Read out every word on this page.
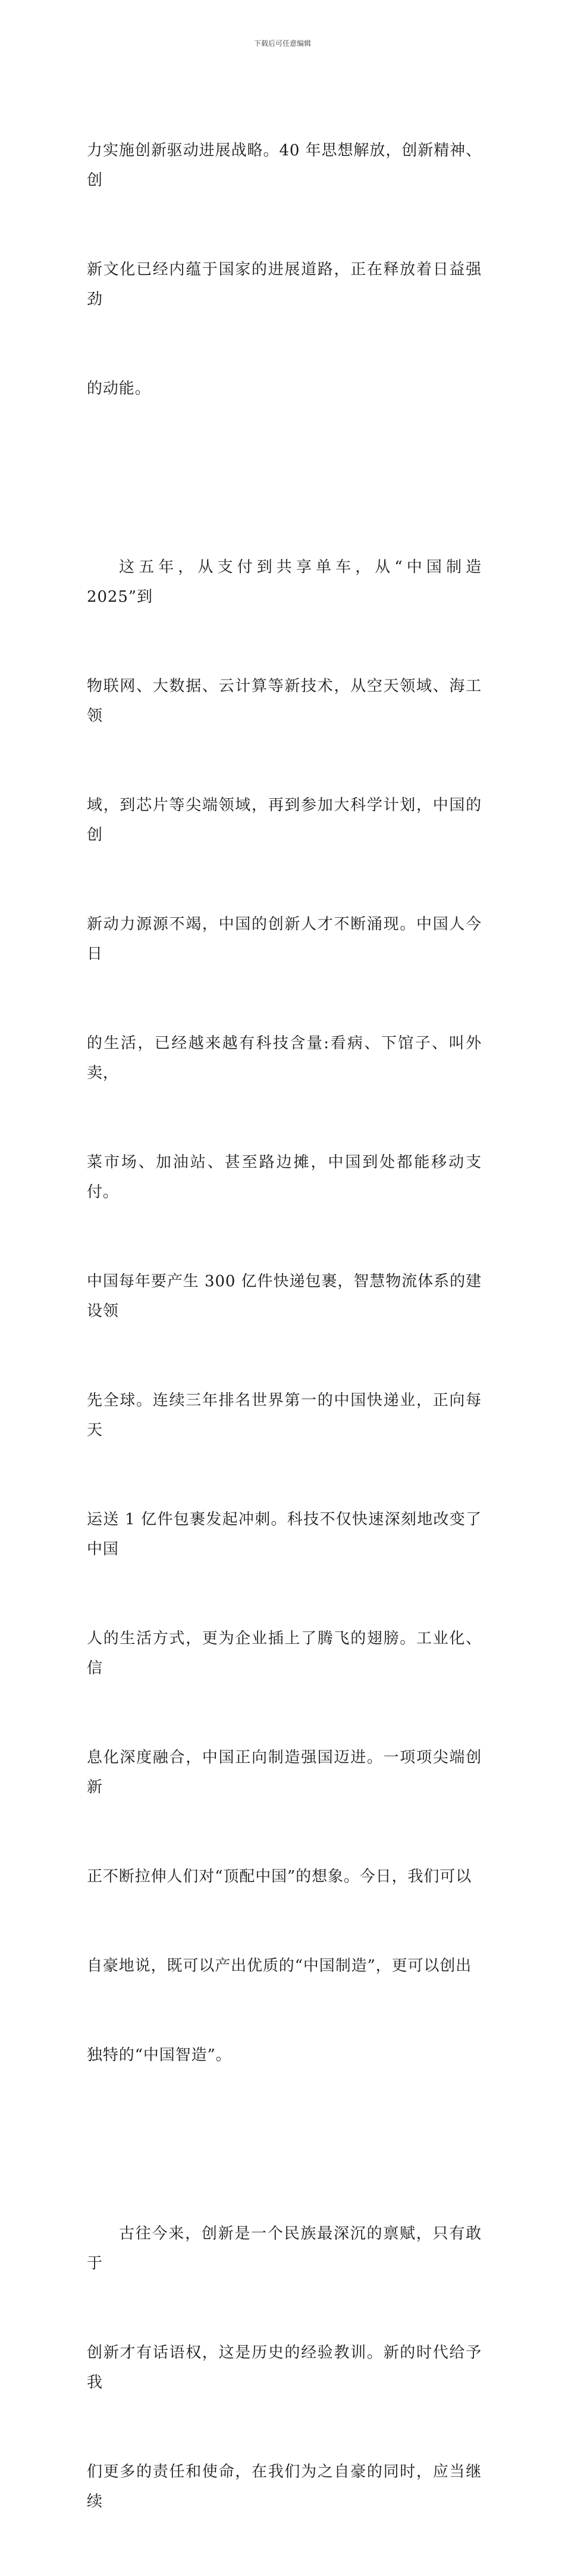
下载后可任意编辑

力实施创新驱动进展战略。40 年思想解放，创新精神、创

新文化已经内蕴于国家的进展道路，正在释放着日益强劲

的动能。

这五年，从支付到共享单车，从“中国制造 2025”到

物联网、大数据、云计算等新技术，从空天领域、海工领

域，到芯片等尖端领域，再到参加大科学计划，中国的创

新动力源源不竭，中国的创新人才不断涌现。中国人今日

的生活，已经越来越有科技含量:看病、下馆子、叫外卖，

菜市场、加油站、甚至路边摊，中国到处都能移动支付。

中国每年要产生 300 亿件快递包裹，智慧物流体系的建设领

先全球。连续三年排名世界第一的中国快递业，正向每天

运送 1 亿件包裹发起冲刺。科技不仅快速深刻地改变了中国

人的生活方式，更为企业插上了腾飞的翅膀。工业化、信

息化深度融合，中国正向制造强国迈进。一项项尖端创新

正不断拉伸人们对“顶配中国”的想象。今日，我们可以

自豪地说，既可以产出优质的“中国制造”，更可以创出

独特的“中国智造”。

古往今来，创新是一个民族最深沉的禀赋，只有敢于

创新才有话语权，这是历史的经验教训。新的时代给予我

们更多的责任和使命，在我们为之自豪的同时，应当继续
